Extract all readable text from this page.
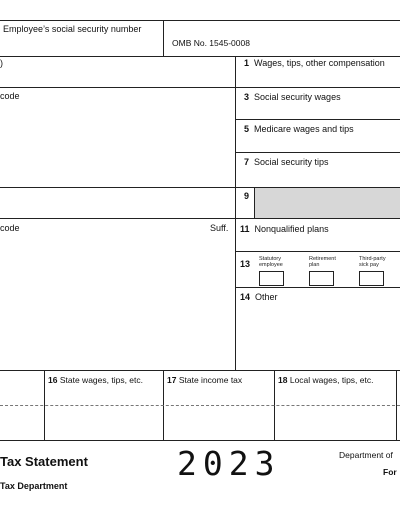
Employee’s social security number
OMB No. 1545-0008
)
code
code	Suff.
1 Wages, tips, other compensation
3 Social security wages
5 Medicare wages and tips
7 Social security tips
9
11 Nonqualified plans
13 Statutory employee
Retirement plan
Third-party sick pay
14 Other
16 State wages, tips, etc.	17 State income tax	18 Local wages, tips, etc.
Tax Statement	2023	Department of
For
Tax Department
